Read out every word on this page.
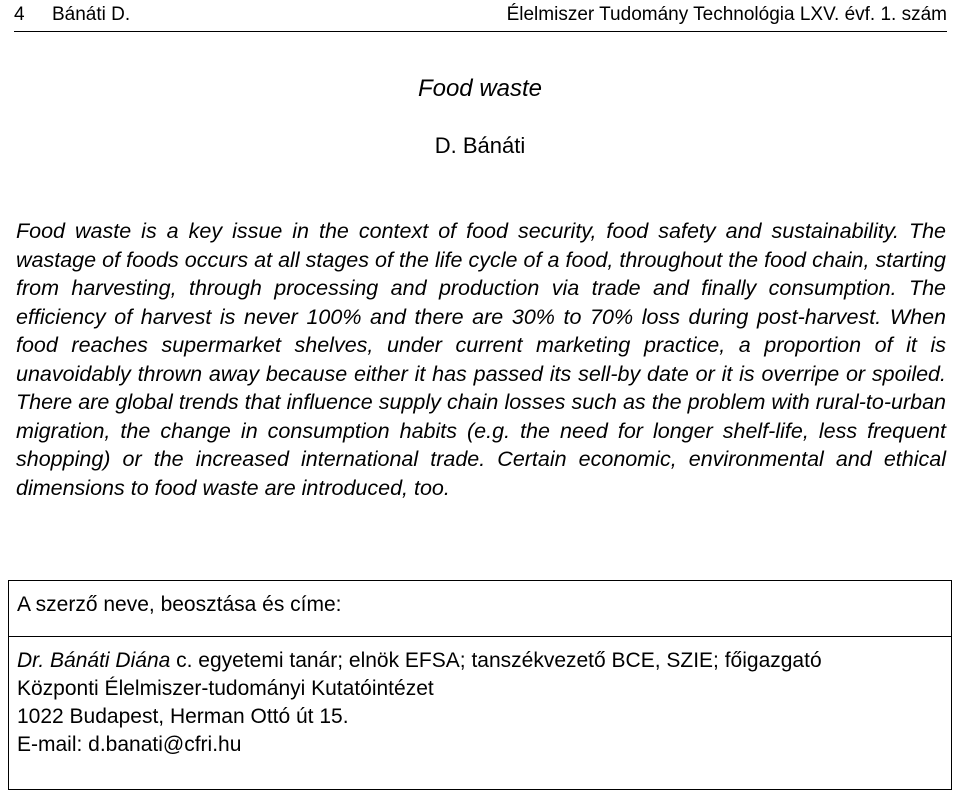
4 Bánáti D.	Élelmiszer Tudomány Technológia LXV. évf. 1. szám
Food waste
D. Bánáti

Food waste is a key issue in the context of food security, food safety and sustainability. The wastage of foods occurs at all stages of the life cycle of a food, throughout the food chain, starting from harvesting, through processing and production via trade and finally consumption. The efficiency of harvest is never 100% and there are 30% to 70% loss during post-harvest. When food reaches supermarket shelves, under current marketing practice, a proportion of it is unavoidably thrown away because either it has passed its sell-by date or it is overripe or spoiled. There are global trends that influence supply chain losses such as the problem with rural-to-urban migration, the change in consumption habits (e.g. the need for longer shelf-life, less frequent shopping) or the increased international trade. Certain economic, environmental and ethical dimensions to food waste are introduced, too.

A szerző neve, beosztása és címe:

Dr. Bánáti Diána c. egyetemi tanár; elnök EFSA; tanszékvezető BCE, SZIE; főigazgató

Központi Élelmiszer-tudományi Kutatóintézet

1022 Budapest, Herman Ottó út 15.

E-mail: d.banati@cfri.hu
